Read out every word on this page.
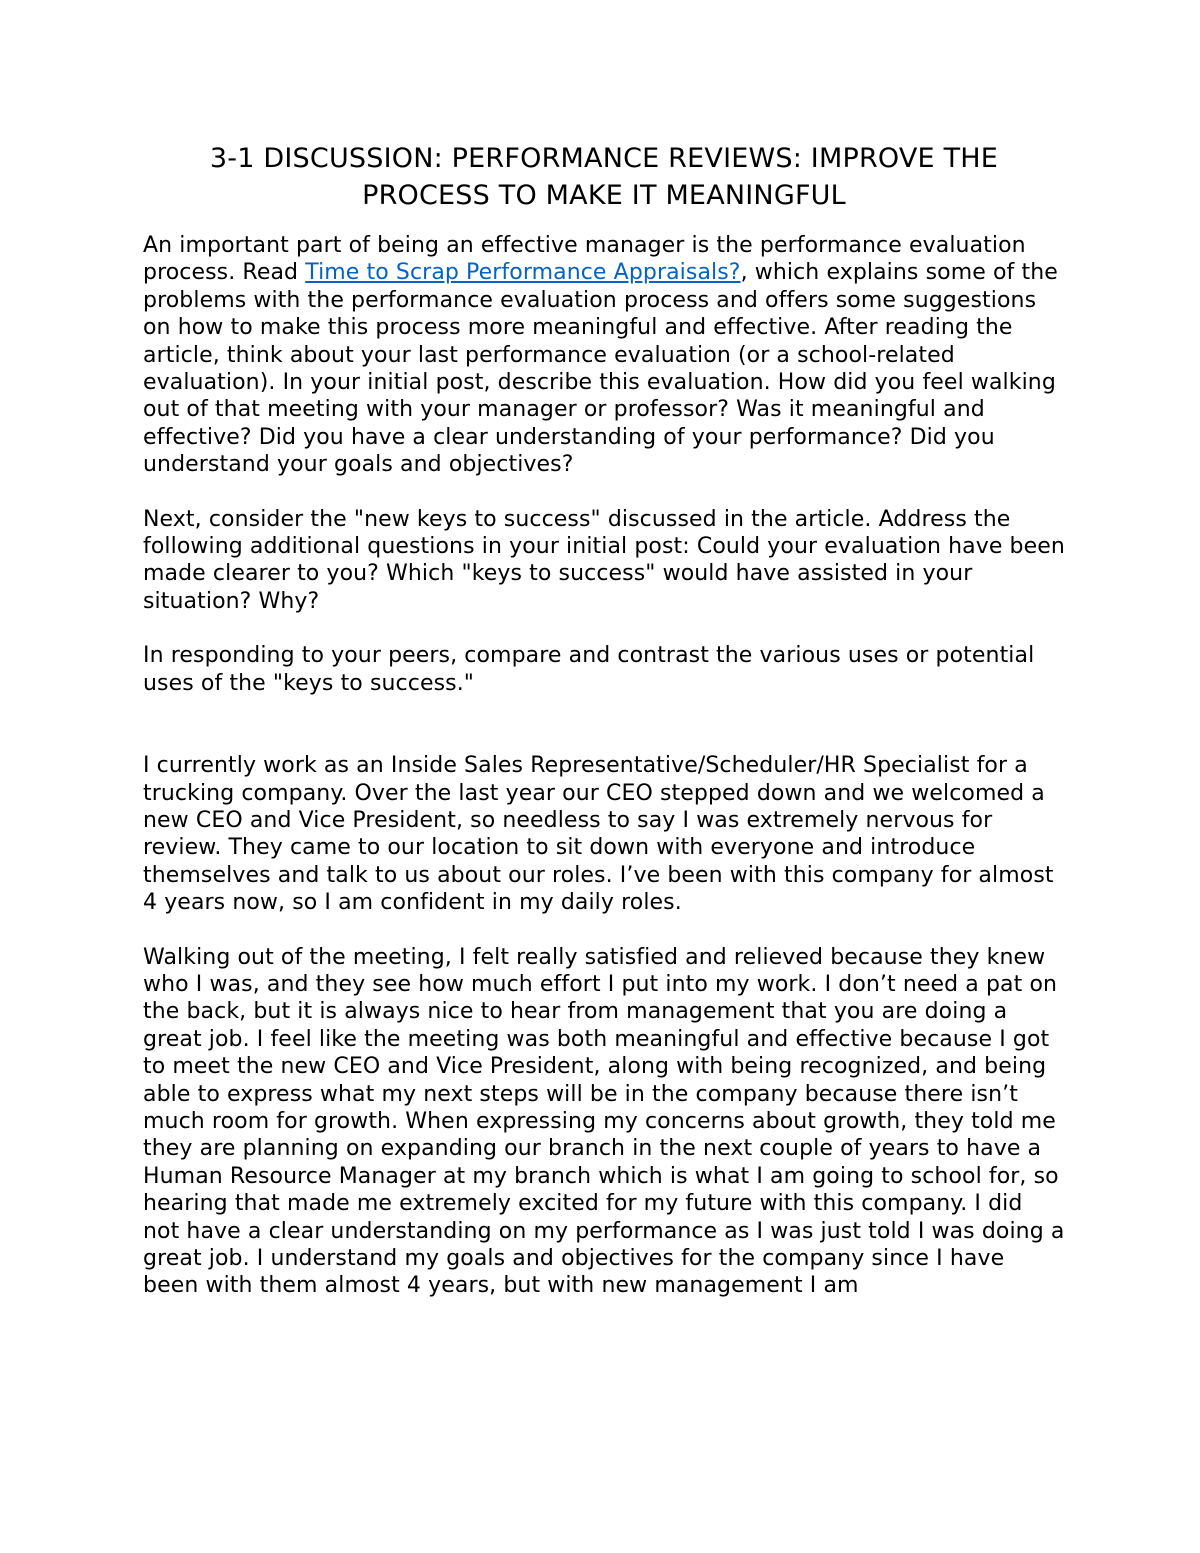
3-1 DISCUSSION: PERFORMANCE REVIEWS: IMPROVE THE PROCESS TO MAKE IT MEANINGFUL

An important part of being an effective manager is the performance evaluation process. Read Time to Scrap Performance Appraisals?, which explains some of the problems with the performance evaluation process and offers some suggestions on how to make this process more meaningful and effective. After reading the article, think about your last performance evaluation (or a school-related evaluation). In your initial post, describe this evaluation. How did you feel walking out of that meeting with your manager or professor? Was it meaningful and effective? Did you have a clear understanding of your performance? Did you understand your goals and objectives?

Next, consider the "new keys to success" discussed in the article. Address the following additional questions in your initial post: Could your evaluation have been made clearer to you? Which "keys to success" would have assisted in your situation? Why?

In responding to your peers, compare and contrast the various uses or potential uses of the "keys to success."

I currently work as an Inside Sales Representative/Scheduler/HR Specialist for a trucking company. Over the last year our CEO stepped down and we welcomed a new CEO and Vice President, so needless to say I was extremely nervous for review. They came to our location to sit down with everyone and introduce themselves and talk to us about our roles. I’ve been with this company for almost 4 years now, so I am confident in my daily roles.

Walking out of the meeting, I felt really satisfied and relieved because they knew who I was, and they see how much effort I put into my work. I don’t need a pat on the back, but it is always nice to hear from management that you are doing a great job. I feel like the meeting was both meaningful and effective because I got to meet the new CEO and Vice President, along with being recognized, and being able to express what my next steps will be in the company because there isn’t much room for growth. When expressing my concerns about growth, they told me they are planning on expanding our branch in the next couple of years to have a Human Resource Manager at my branch which is what I am going to school for, so hearing that made me extremely excited for my future with this company. I did not have a clear understanding on my performance as I was just told I was doing a great job. I understand my goals and objectives for the company since I have been with them almost 4 years, but with new management I am
